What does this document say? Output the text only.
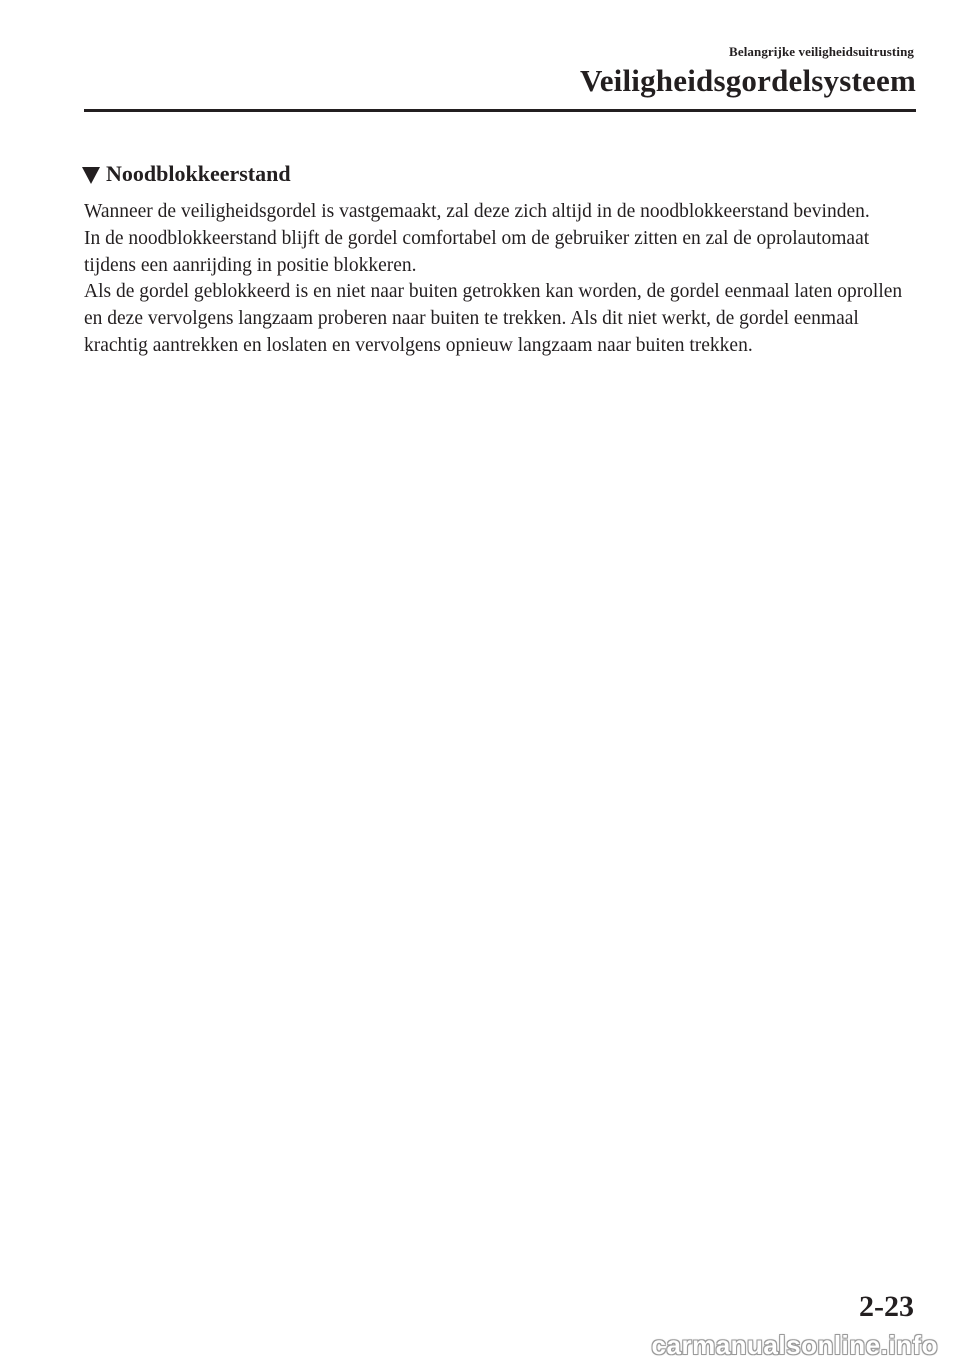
Belangrijke veiligheidsuitrusting
Veiligheidsgordelsysteem
Noodblokkeerstand

Wanneer de veiligheidsgordel is vastgemaakt, zal deze zich altijd in de noodblokkeerstand bevinden.

In de noodblokkeerstand blijft de gordel comfortabel om de gebruiker zitten en zal de oprolautomaat tijdens een aanrijding in positie blokkeren.

Als de gordel geblokkeerd is en niet naar buiten getrokken kan worden, de gordel eenmaal laten oprollen en deze vervolgens langzaam proberen naar buiten te trekken. Als dit niet werkt, de gordel eenmaal krachtig aantrekken en loslaten en vervolgens opnieuw langzaam naar buiten trekken.

2-23
carmanualsonline.info
